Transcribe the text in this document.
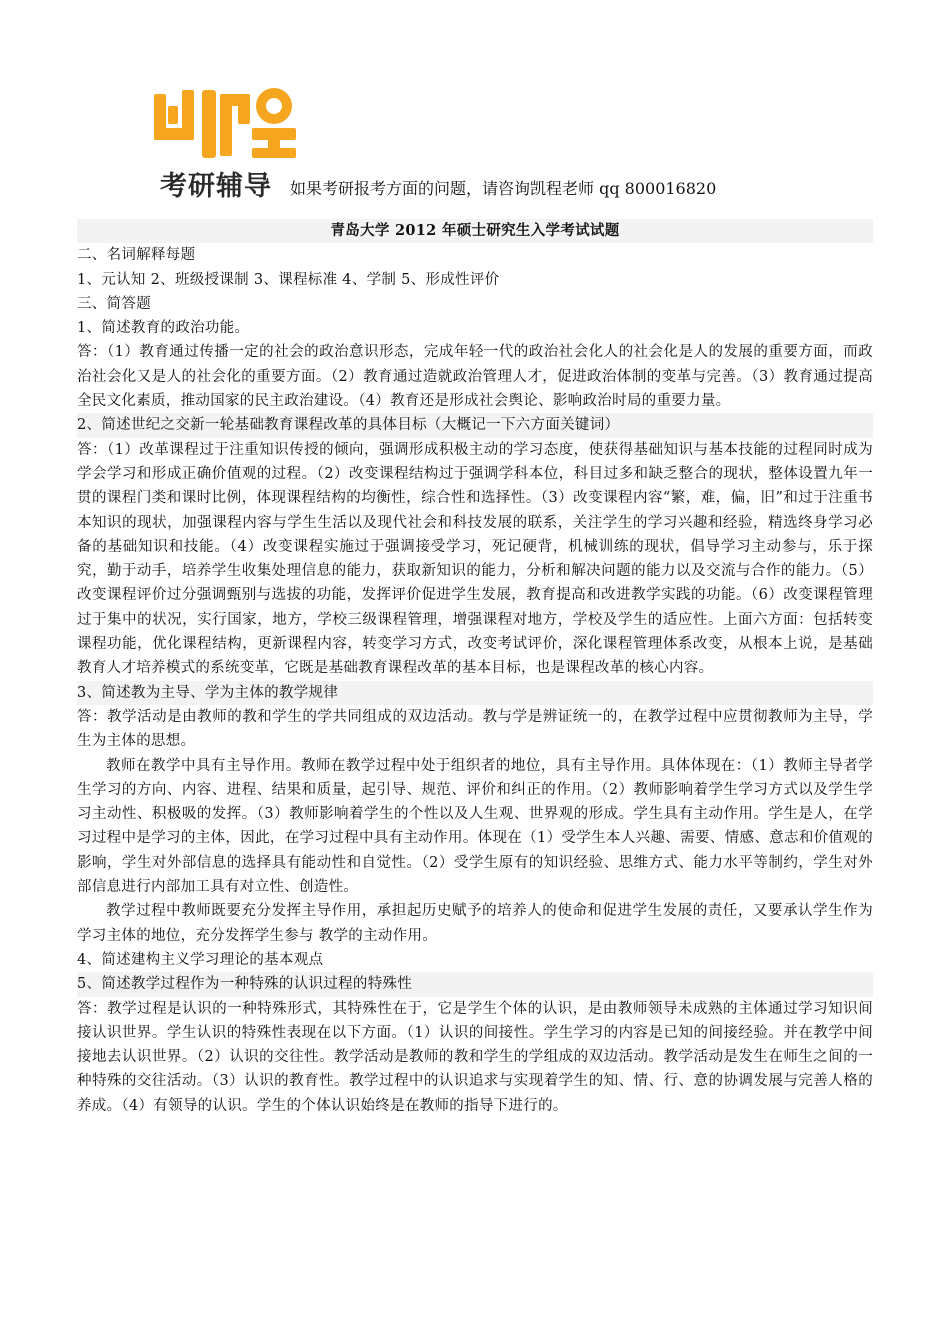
考研辅导 如果考研报考方面的问题，请咨询凯程老师 qq 800016820

青岛大学 2012 年硕士研究生入学考试试题

二、名词解释每题

1、元认知 2、班级授课制 3、课程标准 4、学制 5、形成性评价

三、简答题

1、简述教育的政治功能。

答：（1）教育通过传播一定的社会的政治意识形态，完成年轻一代的政治社会化人的社会化是人的发展的重要方面，而政治社会化又是人的社会化的重要方面。（2）教育通过造就政治管理人才，促进政治体制的变革与完善。（3）教育通过提高全民文化素质，推动国家的民主政治建设。（4）教育还是形成社会舆论、影响政治时局的重要力量。

2、简述世纪之交新一轮基础教育课程改革的具体目标（大概记一下六方面关键词）

答：（1）改革课程过于注重知识传授的倾向，强调形成积极主动的学习态度，使获得基础知识与基本技能的过程同时成为学会学习和形成正确价值观的过程。（2）改变课程结构过于强调学科本位，科目过多和缺乏整合的现状，整体设置九年一贯的课程门类和课时比例，体现课程结构的均衡性，综合性和选择性。（3）改变课程内容“繁，难，偏，旧”和过于注重书本知识的现状，加强课程内容与学生生活以及现代社会和科技发展的联系，关注学生的学习兴趣和经验，精选终身学习必备的基础知识和技能。（4）改变课程实施过于强调接受学习，死记硬背，机械训练的现状，倡导学习主动参与，乐于探究，勤于动手，培养学生收集处理信息的能力，获取新知识的能力，分析和解决问题的能力以及交流与合作的能力。（5）改变课程评价过分强调甄别与选拔的功能，发挥评价促进学生发展，教育提高和改进教学实践的功能。（6）改变课程管理过于集中的状况，实行国家，地方，学校三级课程管理，增强课程对地方，学校及学生的适应性。上面六方面：包括转变课程功能，优化课程结构，更新课程内容，转变学习方式，改变考试评价，深化课程管理体系改变，从根本上说，是基础教育人才培养模式的系统变革，它既是基础教育课程改革的基本目标，也是课程改革的核心内容。

3、简述教为主导、学为主体的教学规律

答：教学活动是由教师的教和学生的学共同组成的双边活动。教与学是辨证统一的，在教学过程中应贯彻教师为主导，学生为主体的思想。

教师在教学中具有主导作用。教师在教学过程中处于组织者的地位，具有主导作用。具体体现在：（1）教师主导者学生学习的方向、内容、进程、结果和质量，起引导、规范、评价和纠正的作用。（2）教师影响着学生学习方式以及学生学习主动性、积极吸的发挥。（3）教师影响着学生的个性以及人生观、世界观的形成。学生具有主动作用。学生是人，在学习过程中是学习的主体，因此，在学习过程中具有主动作用。体现在（1）受学生本人兴趣、需要、情感、意志和价值观的影响，学生对外部信息的选择具有能动性和自觉性。（2）受学生原有的知识经验、思维方式、能力水平等制约，学生对外部信息进行内部加工具有对立性、创造性。

教学过程中教师既要充分发挥主导作用，承担起历史赋予的培养人的使命和促进学生发展的责任，又要承认学生作为学习主体的地位，充分发挥学生参与 教学的主动作用。

4、简述建构主义学习理论的基本观点

5、简述教学过程作为一种特殊的认识过程的特殊性

答：教学过程是认识的一种特殊形式，其特殊性在于，它是学生个体的认识，是由教师领导未成熟的主体通过学习知识间接认识世界。学生认识的特殊性表现在以下方面。（1）认识的间接性。学生学习的内容是已知的间接经验。并在教学中间接地去认识世界。（2）认识的交往性。教学活动是教师的教和学生的学组成的双边活动。教学活动是发生在师生之间的一种特殊的交往活动。（3）认识的教育性。教学过程中的认识追求与实现着学生的知、情、行、意的协调发展与完善人格的养成。（4）有领导的认识。学生的个体认识始终是在教师的指导下进行的。
